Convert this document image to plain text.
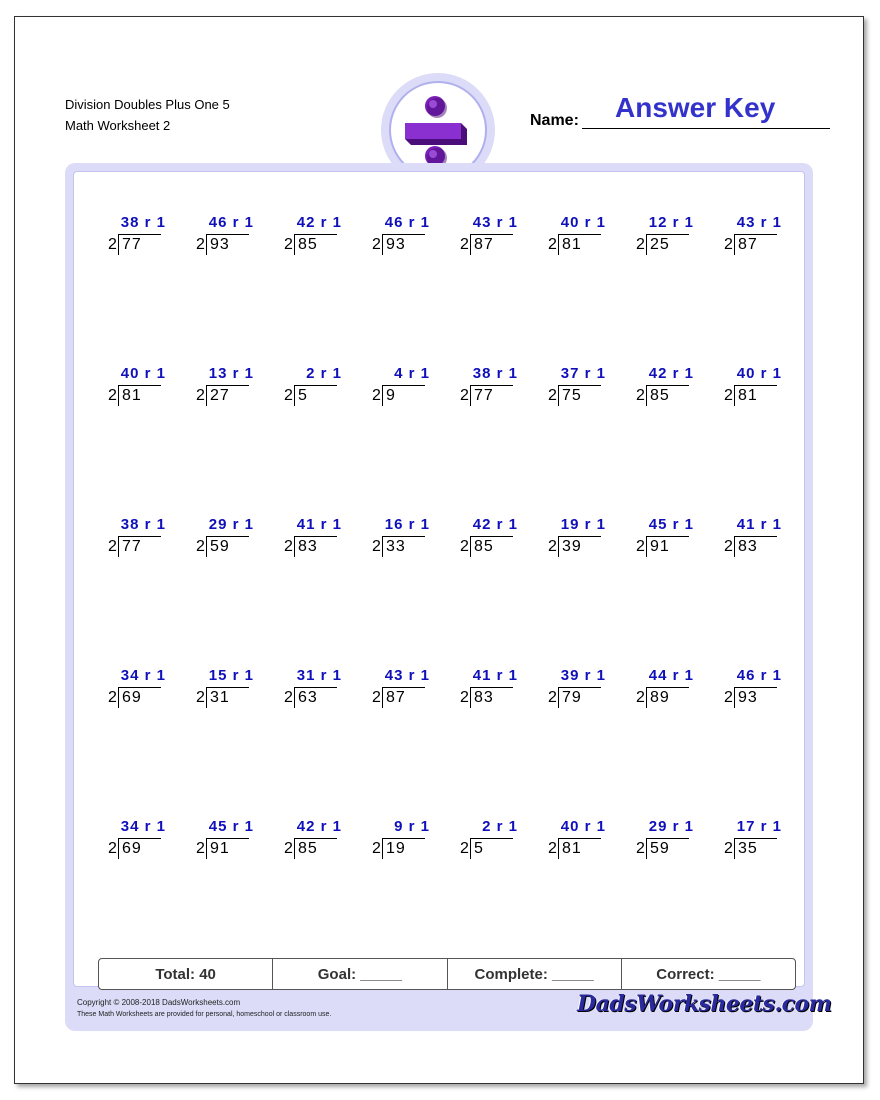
Division Doubles Plus One 5
Math Worksheet 2	Name: Answer Key
38 r 1
2 77
46 r 1
2 93
42 r 1
2 85
46 r 1
2 93
43 r 1
2 87
40 r 1
2 81
12 r 1
2 25
43 r 1
2 87
40 r 1
2 81
13 r 1
2 27
2 r 1
2 5
4 r 1
2 9
38 r 1
2 77
37 r 1
2 75
42 r 1
2 85
40 r 1
2 81
38 r 1
2 77
29 r 1
2 59
41 r 1
2 83
16 r 1
2 33
42 r 1
2 85
19 r 1
2 39
45 r 1
2 91
41 r 1
2 83
34 r 1
2 69
15 r 1
2 31
31 r 1
2 63
43 r 1
2 87
41 r 1
2 83
39 r 1
2 79
44 r 1
2 89
46 r 1
2 93
34 r 1
2 69
45 r 1
2 91
42 r 1
2 85
9 r 1
2 19
2 r 1
2 5
40 r 1
2 81
29 r 1
2 59
17 r 1
2 35
Total: 40	Goal: _____	Complete: _____	Correct: _____
Copyright © 2008-2018 DadsWorksheets.com
These Math Worksheets are provided for personal, homeschool or classroom use.	DadsWorksheets.com
